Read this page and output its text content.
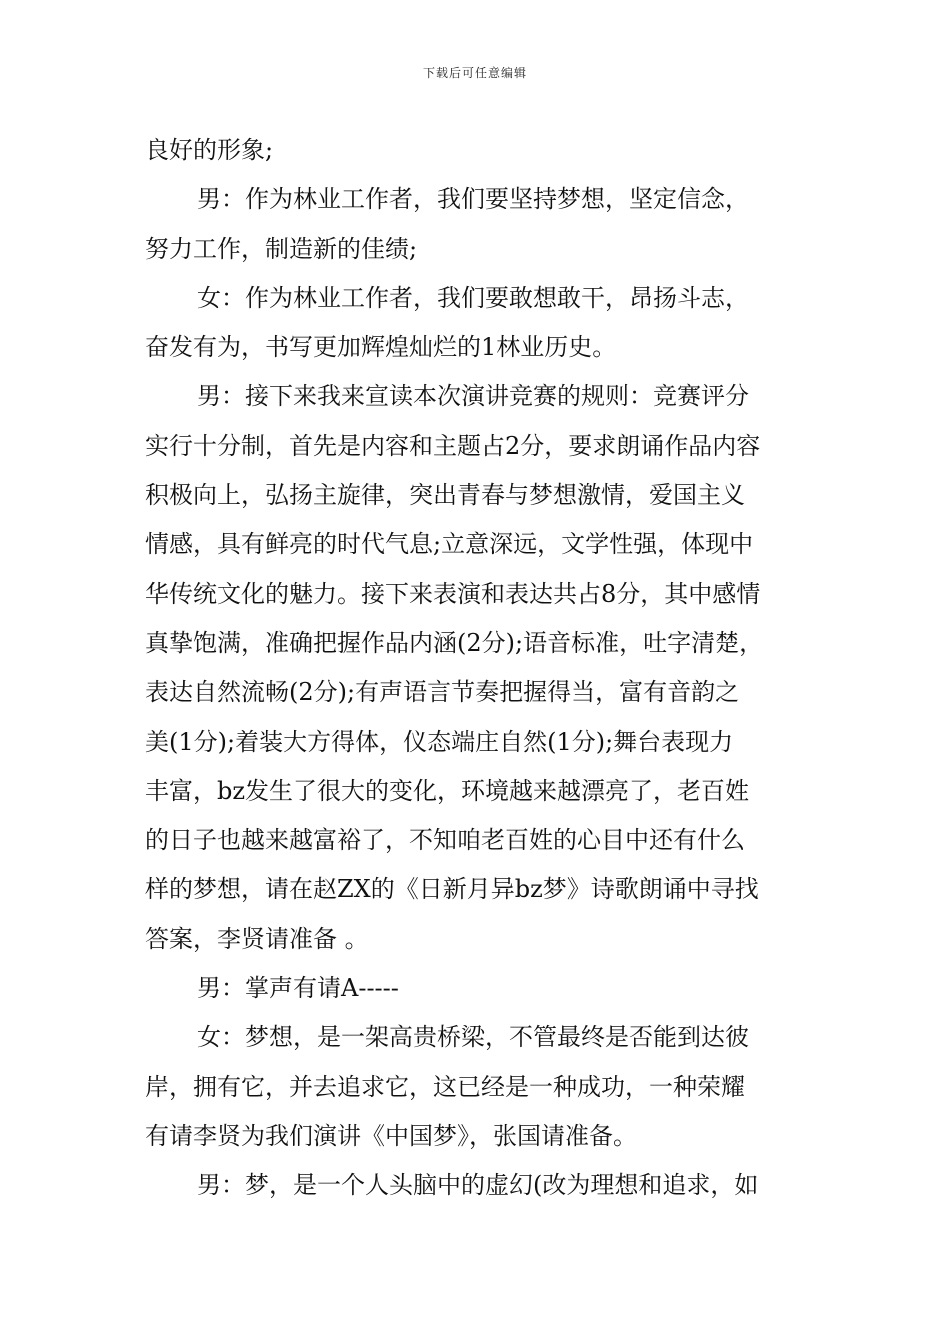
下载后可任意编辑
良好的形象;
男：作为林业工作者，我们要坚持梦想，坚定信念，
努力工作，制造新的佳绩;
女：作为林业工作者，我们要敢想敢干，昂扬斗志，
奋发有为，书写更加辉煌灿烂的1林业历史。
男：接下来我来宣读本次演讲竞赛的规则：竞赛评分
实行十分制，首先是内容和主题占2分，要求朗诵作品内容
积极向上，弘扬主旋律，突出青春与梦想激情，爱国主义
情感，具有鲜亮的时代气息;立意深远，文学性强，体现中
华传统文化的魅力。接下来表演和表达共占8分，其中感情
真挚饱满，准确把握作品内涵(2分);语音标准，吐字清楚，
表达自然流畅(2分);有声语言节奏把握得当，富有音韵之
美(1分);着装大方得体，仪态端庄自然(1分);舞台表现力
丰富，bz发生了很大的变化，环境越来越漂亮了，老百姓
的日子也越来越富裕了，不知咱老百姓的心目中还有什么
样的梦想，请在赵ZX的《日新月异bz梦》诗歌朗诵中寻找
答案，李贤请准备 。
男：掌声有请A-----
女：梦想，是一架高贵桥梁，不管最终是否能到达彼
岸，拥有它，并去追求它，这已经是一种成功，一种荣耀
有请李贤为我们演讲《中国梦》，张国请准备。
男：梦，是一个人头脑中的虚幻(改为理想和追求，如
